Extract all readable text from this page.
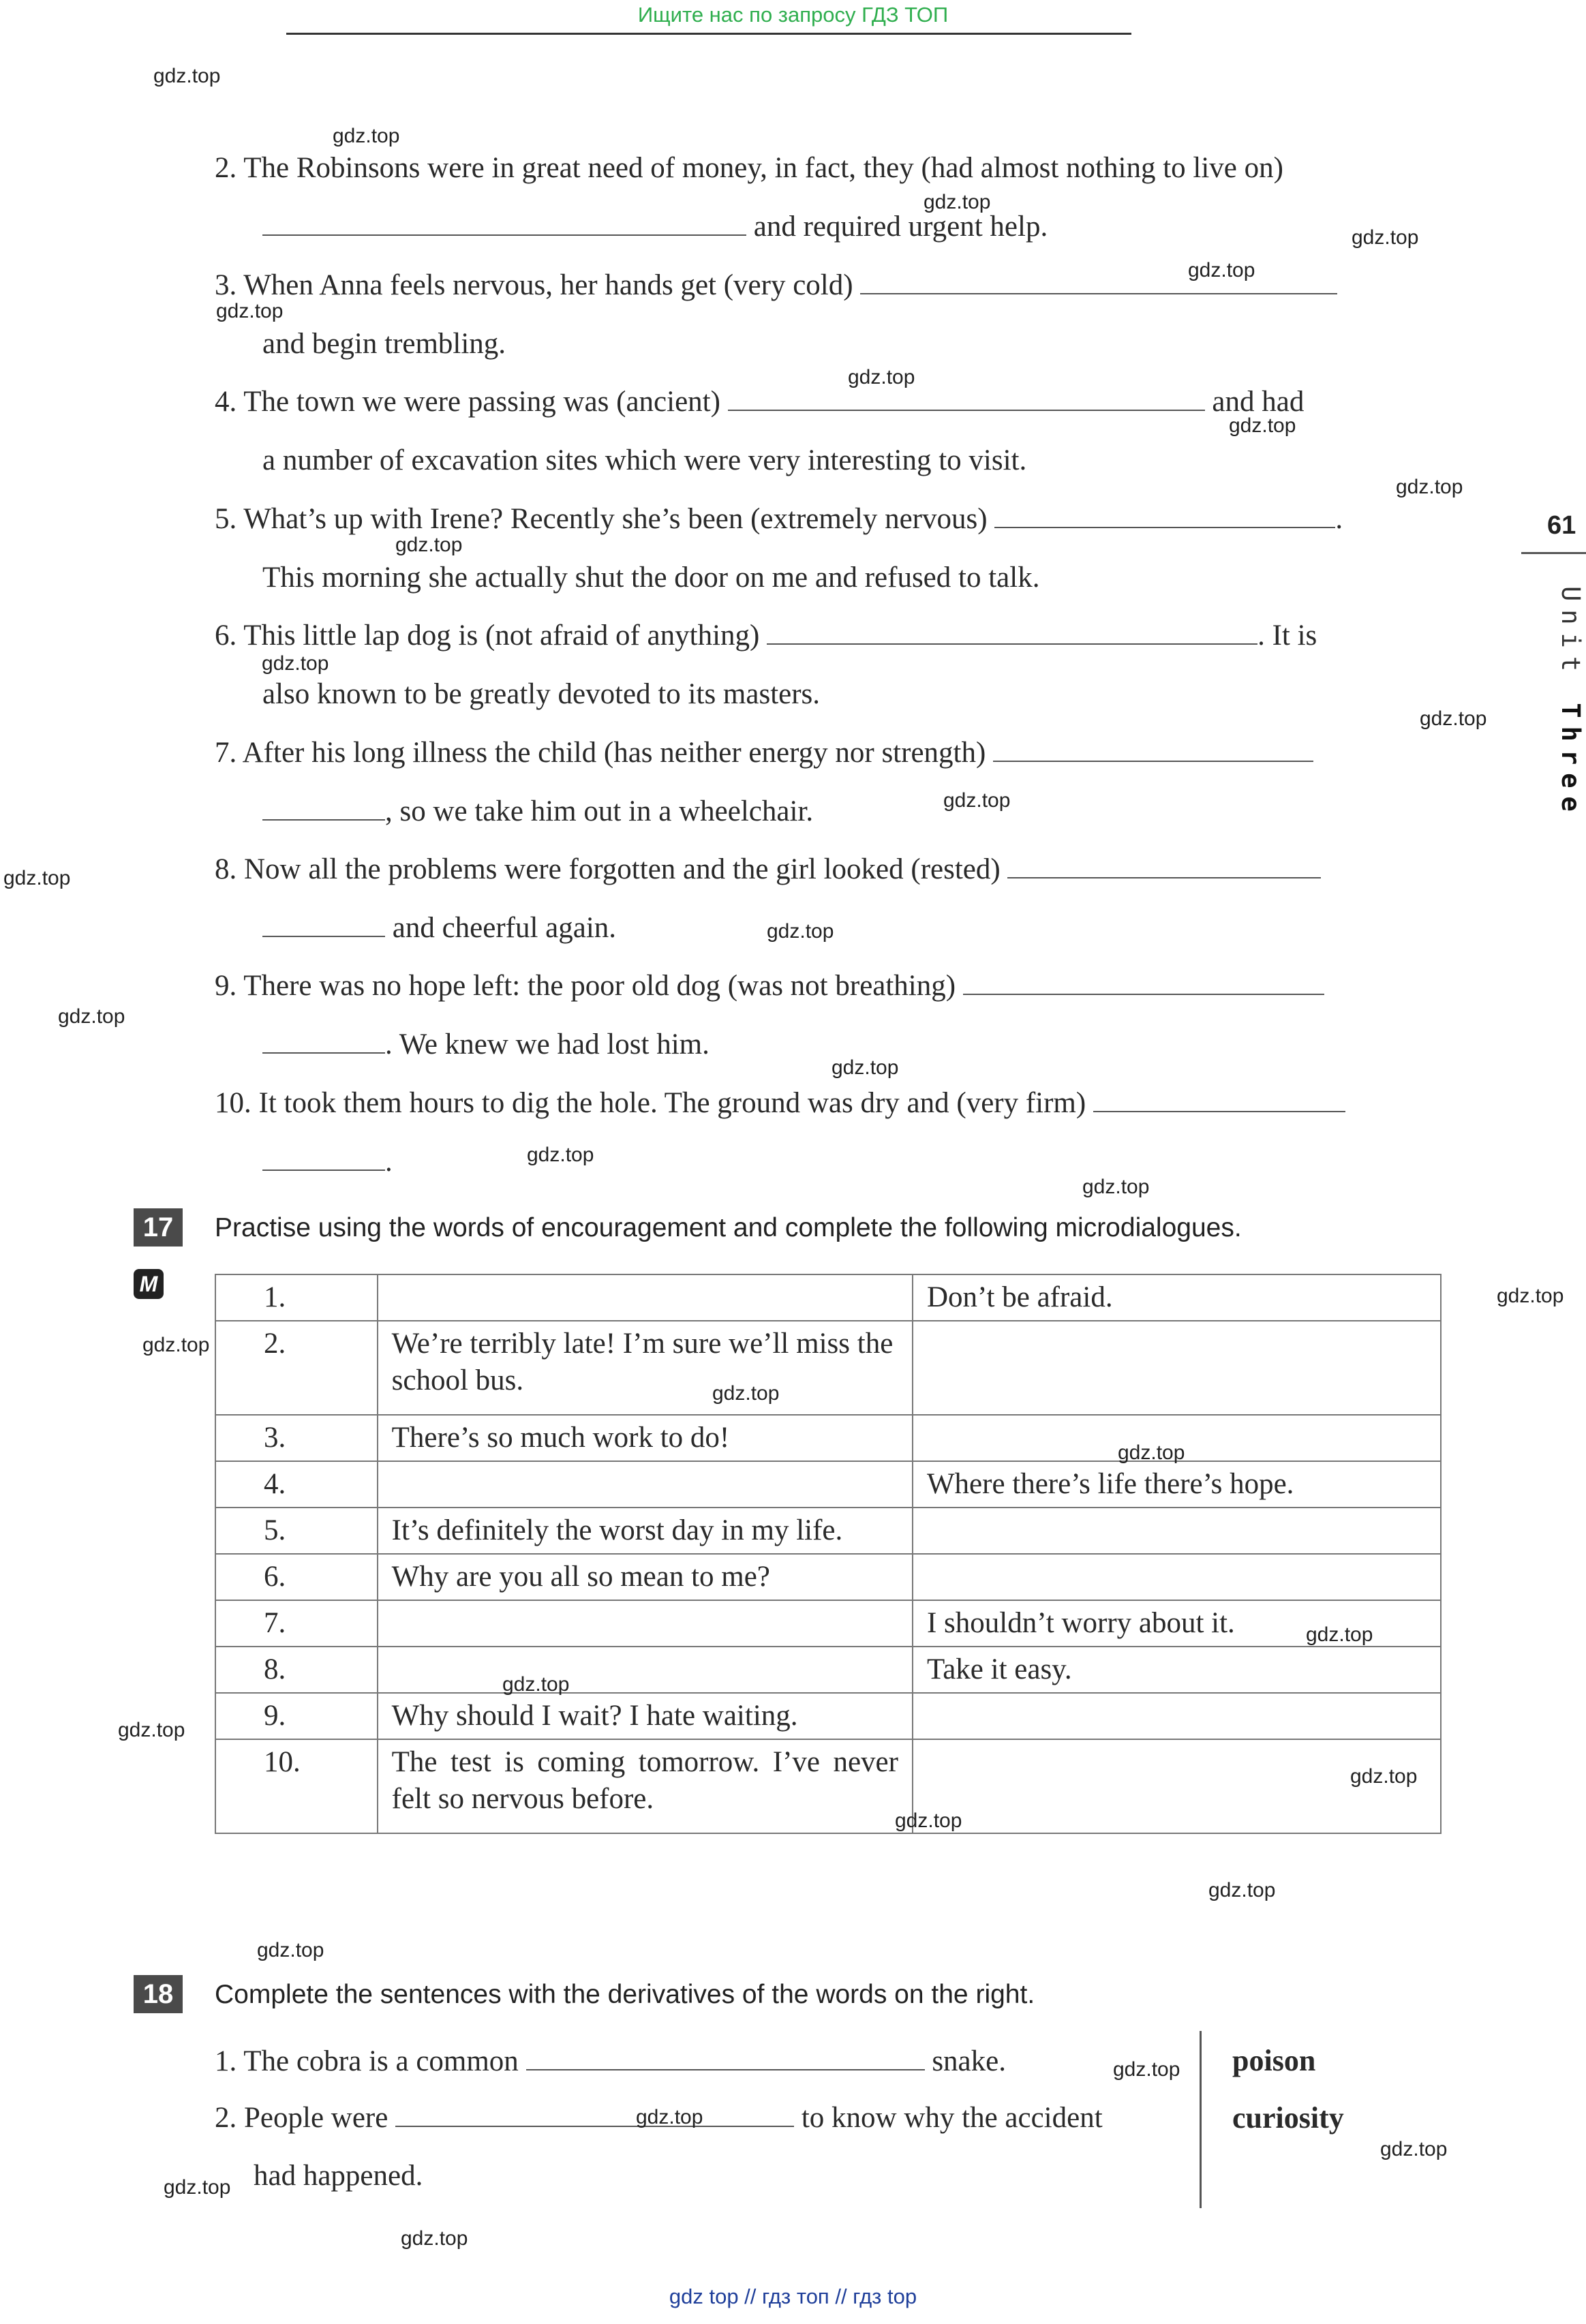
Ищите нас по запросу ГДЗ ТОП
2. The Robinsons were in great need of money, in fact, they (had almost nothing to live on)
and required urgent help.
3. When Anna feels nervous, her hands get (very cold)
and begin trembling.
4. The town we were passing was (ancient)	and had
a number of excavation sites which were very interesting to visit.
5. What’s up with Irene? Recently she’s been (extremely nervous)	.
This morning she actually shut the door on me and refused to talk.
6. This little lap dog is (not afraid of anything)	. It is
also known to be greatly devoted to its masters.
7. After his long illness the child (has neither energy nor strength)
, so we take him out in a wheelchair.
8. Now all the problems were forgotten and the girl looked (rested)
and cheerful again.
9. There was no hope left: the poor old dog (was not breathing)
. We knew we had lost him.
10. It took them hours to dig the hole. The ground was dry and (very firm)
.
17	Practise using the words of encouragement and complete the following microdialogues.
M	1.		Don’t be afraid.
2.	We’re terribly late! I’m sure we’ll miss the school bus.	
3.	There’s so much work to do!	
4.		Where there’s life there’s hope.
5.	It’s definitely the worst day in my life.	
6.	Why are you all so mean to me?	
7.		I shouldn’t worry about it.
8.		Take it easy.
9.	Why should I wait? I hate waiting.	
10.	The test is coming tomorrow. I’ve never felt so nervous before.	
18	Complete the sentences with the derivatives of the words on the right.
1. The cobra is a common	snake.
2. People were	to know why the accident
had happened.
poison
curiosity
61
Unit Three
gdz.top
gdz.top
gdz.top
gdz.top
gdz.top
gdz.top
gdz.top
gdz.top
gdz.top
gdz.top
gdz.top
gdz.top
gdz.top
gdz.top
gdz.top
gdz.top
gdz.top
gdz.top
gdz.top
gdz.top
gdz.top
gdz.top
gdz.top
gdz.top
gdz.top
gdz.top
gdz.top
gdz.top
gdz.top
gdz.top
gdz.top
gdz.top
gdz.top
gdz.top
gdz.top
gdz top // гдз топ // гдз top
